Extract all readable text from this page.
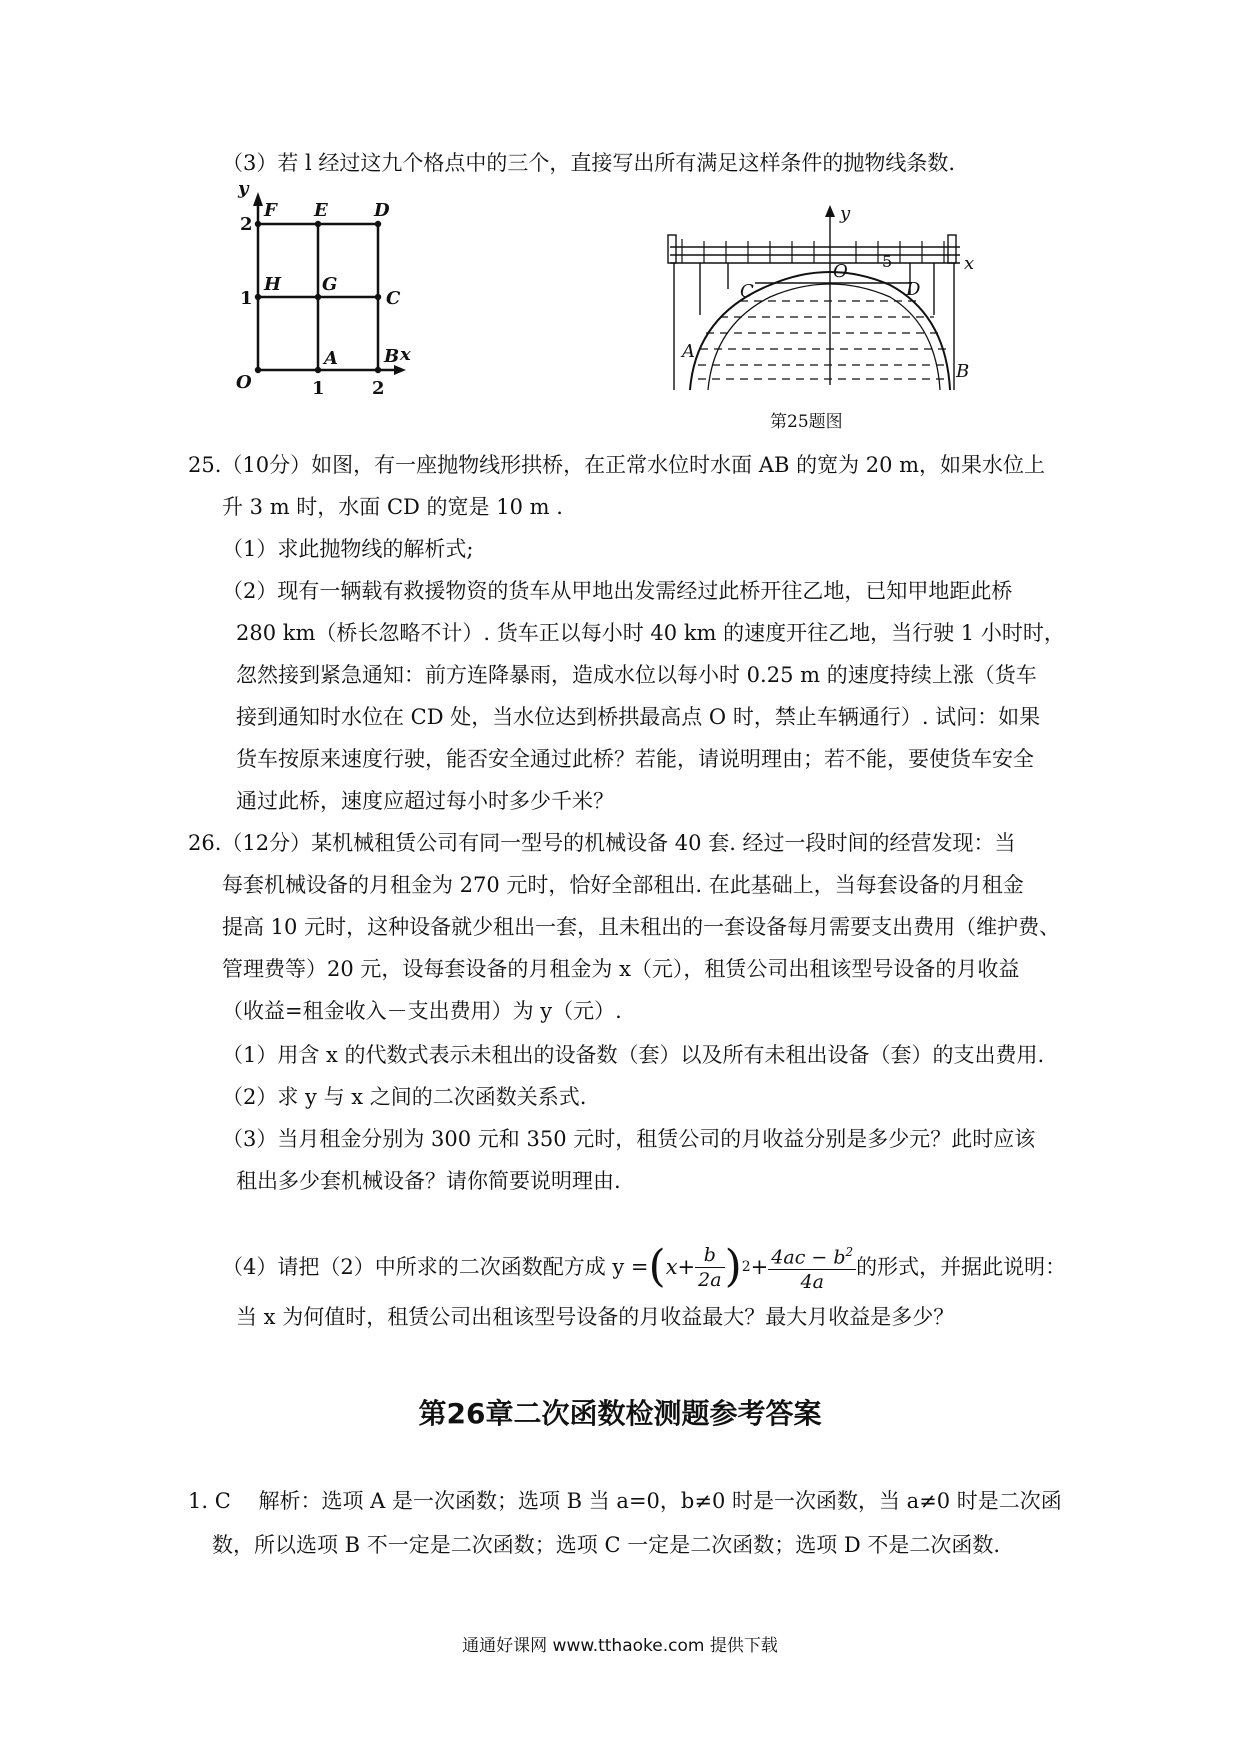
（3）若 l 经过这九个格点中的三个，直接写出所有满足这样条件的抛物线条数.
y
x
O
F E	D
H G
C
A	B
2
1
1	2
y
x
O
C	D
A
B
5
第25题图
25.（10分）如图，有一座抛物线形拱桥，在正常水位时水面 AB 的宽为 20 m，如果水位上
升 3 m 时，水面 CD 的宽是 10 m .
（1）求此抛物线的解析式;
（2）现有一辆载有救援物资的货车从甲地出发需经过此桥开往乙地，已知甲地距此桥
280 km（桥长忽略不计）. 货车正以每小时 40 km 的速度开往乙地，当行驶 1 小时时，
忽然接到紧急通知：前方连降暴雨，造成水位以每小时 0.25 m 的速度持续上涨（货车
接到通知时水位在 CD 处，当水位达到桥拱最高点 O 时，禁止车辆通行）. 试问：如果
货车按原来速度行驶，能否安全通过此桥？若能，请说明理由；若不能，要使货车安全
通过此桥，速度应超过每小时多少千米？
26.（12分）某机械租赁公司有同一型号的机械设备 40 套. 经过一段时间的经营发现：当
每套机械设备的月租金为 270 元时，恰好全部租出. 在此基础上，当每套设备的月租金
提高 10 元时，这种设备就少租出一套，且未租出的一套设备每月需要支出费用（维护费、
管理费等）20 元，设每套设备的月租金为 x（元），租赁公司出租该型号设备的月收益
（收益=租金收入－支出费用）为 y（元）.
（1）用含 x 的代数式表示未租出的设备数（套）以及所有未租出设备（套）的支出费用.
（2）求 y 与 x 之间的二次函数关系式.
（3）当月租金分别为 300 元和 350 元时，租赁公司的月收益分别是多少元？此时应该
租出多少套机械设备？请你简要说明理由.
（4）请把（2）中所求的二次函数配方成 y = ( $x + \frac{b}{2a}$ ) $2 + \frac{4ac - b^2}{4a}$ 的形式，并据此说明：
当 x 为何值时，租赁公司出租该型号设备的月收益最大？最大月收益是多少？
第26章二次函数检测题参考答案
1. C　 解析：选项 A 是一次函数；选项 B 当 a=0，b≠0 时是一次函数，当 a≠0 时是二次函
数，所以选项 B 不一定是二次函数；选项 C 一定是二次函数；选项 D 不是二次函数.
通通好课网 www.tthaoke.com 提供下载
